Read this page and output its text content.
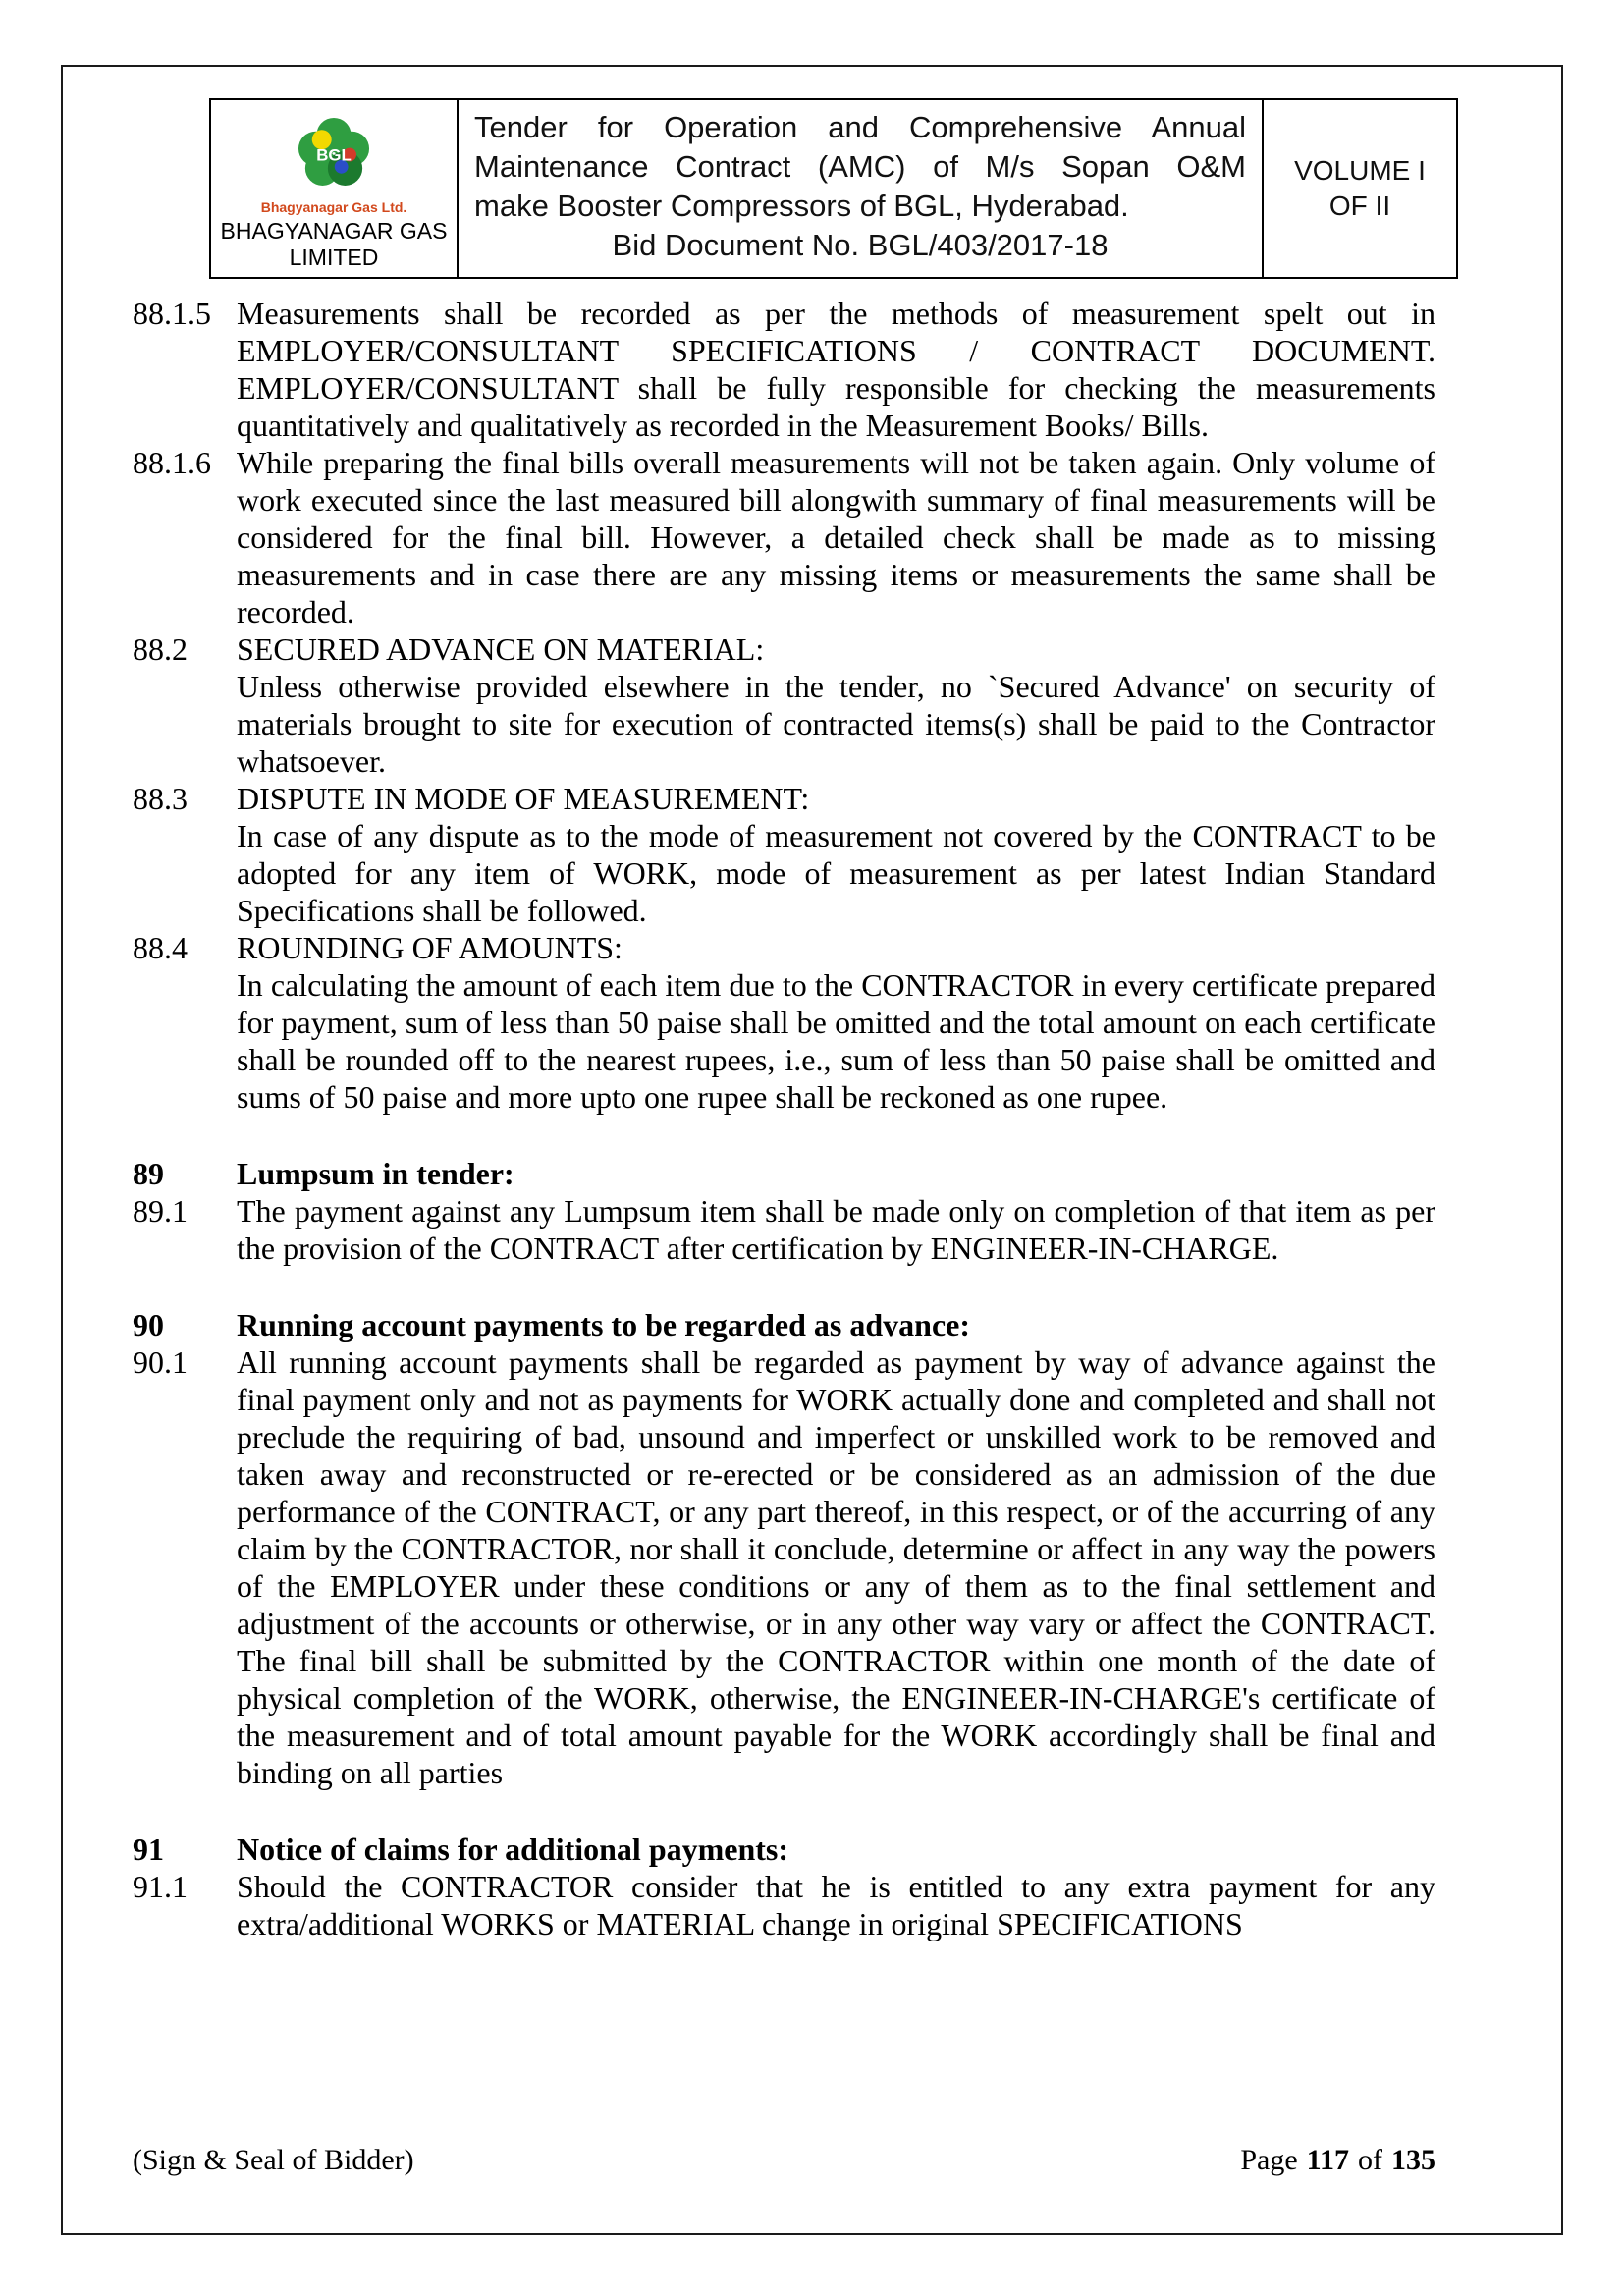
BGL
Bhagyanagar Gas Ltd.
BHAGYANAGAR GAS
LIMITED
Tender for Operation and Comprehensive Annual
Maintenance Contract (AMC) of M/s Sopan O&M
make Booster Compressors of BGL, Hyderabad.
Bid Document No. BGL/403/2017-18
VOLUME I
OF II
88.1.5 Measurements shall be recorded as per the methods of measurement spelt out in EMPLOYER/CONSULTANT SPECIFICATIONS / CONTRACT DOCUMENT. EMPLOYER/CONSULTANT shall be fully responsible for checking the measurements quantitatively and qualitatively as recorded in the Measurement Books/ Bills.
88.1.6 While preparing the final bills overall measurements will not be taken again. Only volume of work executed since the last measured bill alongwith summary of final measurements will be considered for the final bill. However, a detailed check shall be made as to missing measurements and in case there are any missing items or measurements the same shall be recorded.
88.2	SECURED ADVANCE ON MATERIAL:
Unless otherwise provided elsewhere in the tender, no `Secured Advance' on security of materials brought to site for execution of contracted items(s) shall be paid to the Contractor whatsoever.
88.3	DISPUTE IN MODE OF MEASUREMENT:
In case of any dispute as to the mode of measurement not covered by the CONTRACT to be adopted for any item of WORK, mode of measurement as per latest Indian Standard Specifications shall be followed.
88.4	ROUNDING OF AMOUNTS:
In calculating the amount of each item due to the CONTRACTOR in every certificate prepared for payment, sum of less than 50 paise shall be omitted and the total amount on each certificate shall be rounded off to the nearest rupees, i.e., sum of less than 50 paise shall be omitted and sums of 50 paise and more upto one rupee shall be reckoned as one rupee.
89	Lumpsum in tender:
89.1	The payment against any Lumpsum item shall be made only on completion of that item as per the provision of the CONTRACT after certification by ENGINEER-IN-CHARGE.
90	Running account payments to be regarded as advance:
90.1	All running account payments shall be regarded as payment by way of advance against the final payment only and not as payments for WORK actually done and completed and shall not preclude the requiring of bad, unsound and imperfect or unskilled work to be removed and taken away and reconstructed or re-erected or be considered as an admission of the due performance of the CONTRACT, or any part thereof, in this respect, or of the accurring of any claim by the CONTRACTOR, nor shall it conclude, determine or affect in any way the powers of the EMPLOYER under these conditions or any of them as to the final settlement and adjustment of the accounts or otherwise, or in any other way vary or affect the CONTRACT. The final bill shall be submitted by the CONTRACTOR within one month of the date of physical completion of the WORK, otherwise, the ENGINEER-IN-CHARGE's certificate of the measurement and of total amount payable for the WORK accordingly shall be final and binding on all parties
91	Notice of claims for additional payments:
91.1	Should the CONTRACTOR consider that he is entitled to any extra payment for any extra/additional WORKS or MATERIAL change in original SPECIFICATIONS
(Sign & Seal of Bidder)	Page 117 of 135
